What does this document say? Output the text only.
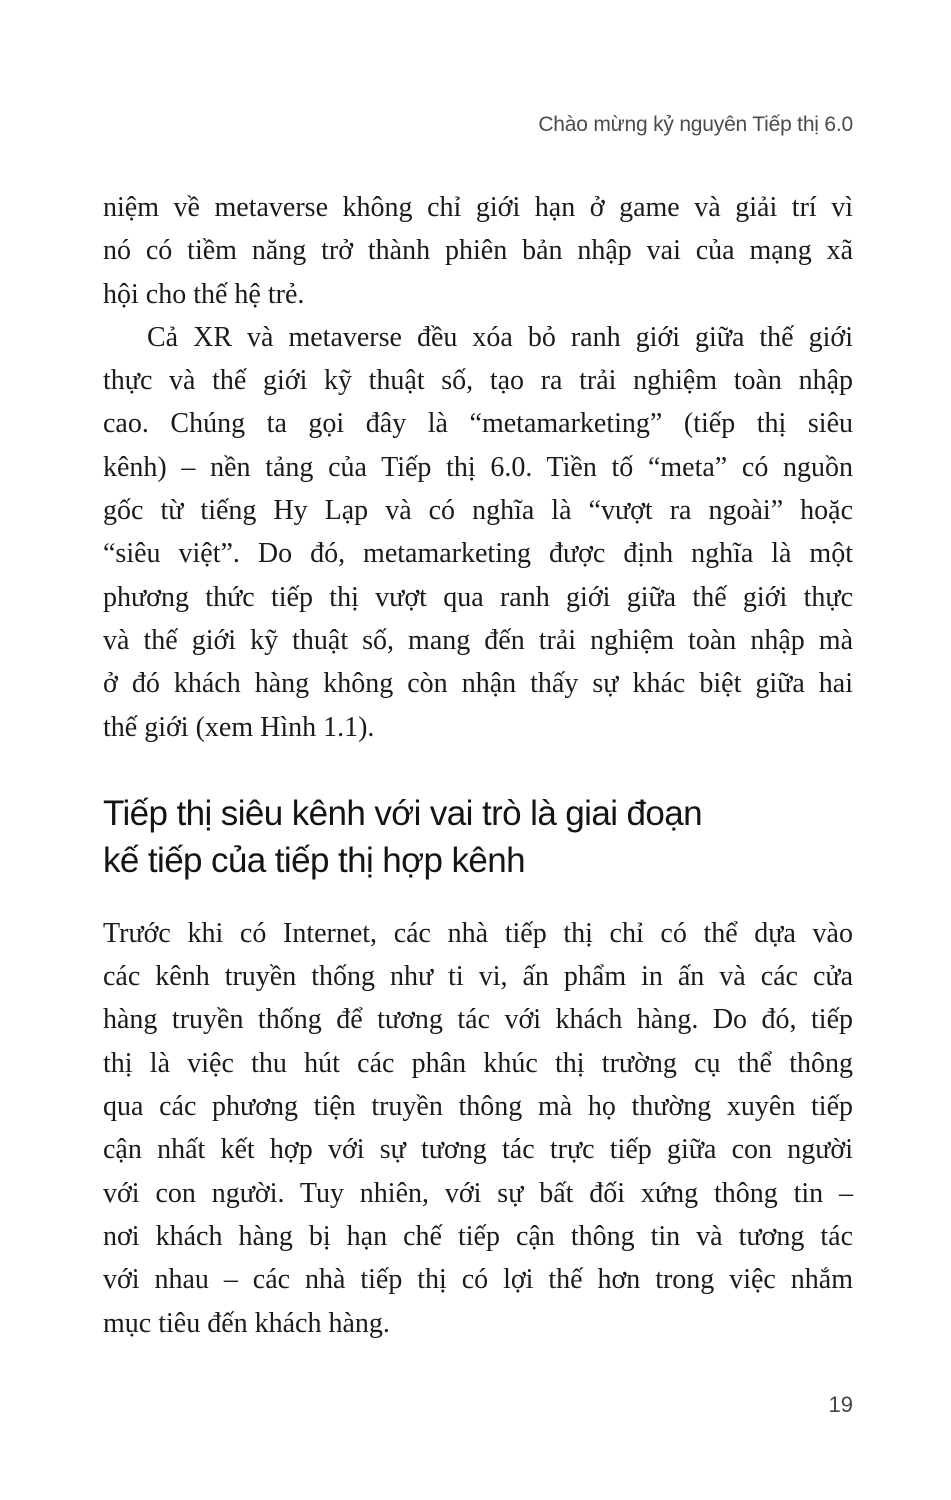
Chào mừng kỷ nguyên Tiếp thị 6.0
niệm về metaverse không chỉ giới hạn ở game và giải trí vì
nó có tiềm năng trở thành phiên bản nhập vai của mạng xã
hội cho thế hệ trẻ.
Cả XR và metaverse đều xóa bỏ ranh giới giữa thế giới
thực và thế giới kỹ thuật số, tạo ra trải nghiệm toàn nhập
cao. Chúng ta gọi đây là “metamarketing” (tiếp thị siêu
kênh) – nền tảng của Tiếp thị 6.0. Tiền tố “meta” có nguồn
gốc từ tiếng Hy Lạp và có nghĩa là “vượt ra ngoài” hoặc
“siêu việt”. Do đó, metamarketing được định nghĩa là một
phương thức tiếp thị vượt qua ranh giới giữa thế giới thực
và thế giới kỹ thuật số, mang đến trải nghiệm toàn nhập mà
ở đó khách hàng không còn nhận thấy sự khác biệt giữa hai
thế giới (xem Hình 1.1).
Tiếp thị siêu kênh với vai trò là giai đoạn
kế tiếp của tiếp thị hợp kênh
Trước khi có Internet, các nhà tiếp thị chỉ có thể dựa vào
các kênh truyền thống như ti vi, ấn phẩm in ấn và các cửa
hàng truyền thống để tương tác với khách hàng. Do đó, tiếp
thị là việc thu hút các phân khúc thị trường cụ thể thông
qua các phương tiện truyền thông mà họ thường xuyên tiếp
cận nhất kết hợp với sự tương tác trực tiếp giữa con người
với con người. Tuy nhiên, với sự bất đối xứng thông tin –
nơi khách hàng bị hạn chế tiếp cận thông tin và tương tác
với nhau – các nhà tiếp thị có lợi thế hơn trong việc nhắm
mục tiêu đến khách hàng.
19
